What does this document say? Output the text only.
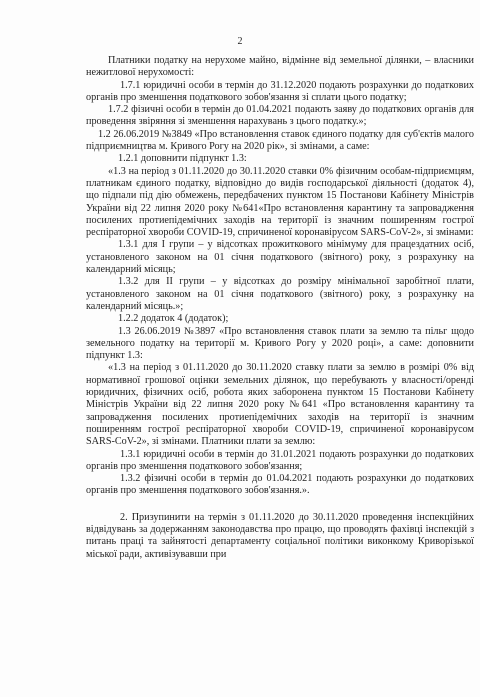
2

Платники податку на нерухоме майно, відмінне від земельної ділянки, – власники нежитлової нерухомості:

1.7.1 юридичні особи в термін до 31.12.2020 подають розрахунки до податкових органів про зменшення податкового зобов'язання зі сплати цього податку;

1.7.2 фізичні особи в термін до 01.04.2021 подають заяву до податкових органів для проведення звіряння зі зменшення нарахувань з цього податку.»;

1.2 26.06.2019 №3849 «Про встановлення ставок єдиного податку для суб'єктів малого підприємництва м. Кривого Рогу на 2020 рік», зі змінами, а саме:

1.2.1 доповнити підпункт 1.3:

«1.3 на період з 01.11.2020 до 30.11.2020 ставки 0% фізичним особам-підприємцям, платникам єдиного податку, відповідно до видів господарської діяльності (додаток 4), що підпали під дію обмежень, передбачених пунктом 15 Постанови Кабінету Міністрів України від 22 липня 2020 року №641«Про встановлення карантину та запровадження посилених протиепідемічних заходів на території із значним поширенням гострої респіраторної хвороби COVID-19, спричиненої коронавірусом SARS-CoV-2», зі змінами:

1.3.1 для I групи – у відсотках прожиткового мінімуму для працездатних осіб, установленого законом на 01 січня податкового (звітного) року, з розрахунку на календарний місяць;

1.3.2 для II групи – у відсотках до розміру мінімальної заробітної плати, установленого законом на 01 січня податкового (звітного) року, з розрахунку на календарний місяць.»;

1.2.2 додаток 4 (додаток);

1.3 26.06.2019 №3897 «Про встановлення ставок плати за землю та пільг щодо земельного податку на території м. Кривого Рогу у 2020 році», а саме: доповнити підпункт 1.3:

«1.3 на період з 01.11.2020 до 30.11.2020 ставку плати за землю в розмірі 0% від нормативної грошової оцінки земельних ділянок, що перебувають у власності/оренді юридичних, фізичних осіб, робота яких заборонена пунктом 15 Постанови Кабінету Міністрів України від 22 липня 2020 року №641 «Про встановлення карантину та запровадження посилених протиепідемічних заходів на території із значним поширенням гострої респіраторної хвороби COVID-19, спричиненої коронавірусом SARS-CoV-2», зі змінами. Платники плати за землю:

1.3.1 юридичні особи в термін до 31.01.2021 подають розрахунки до податкових органів про зменшення податкового зобов'язання;

1.3.2 фізичні особи в термін до 01.04.2021 подають розрахунки до податкових органів про зменшення податкового зобов'язання.».

2. Призупинити на термін з 01.11.2020 до 30.11.2020 проведення інспекційних відвідувань за додержанням законодавства про працю, що проводять фахівці інспекцій з питань праці та зайнятості департаменту соціальної політики виконкому Криворізької міської ради, активізувавши при
